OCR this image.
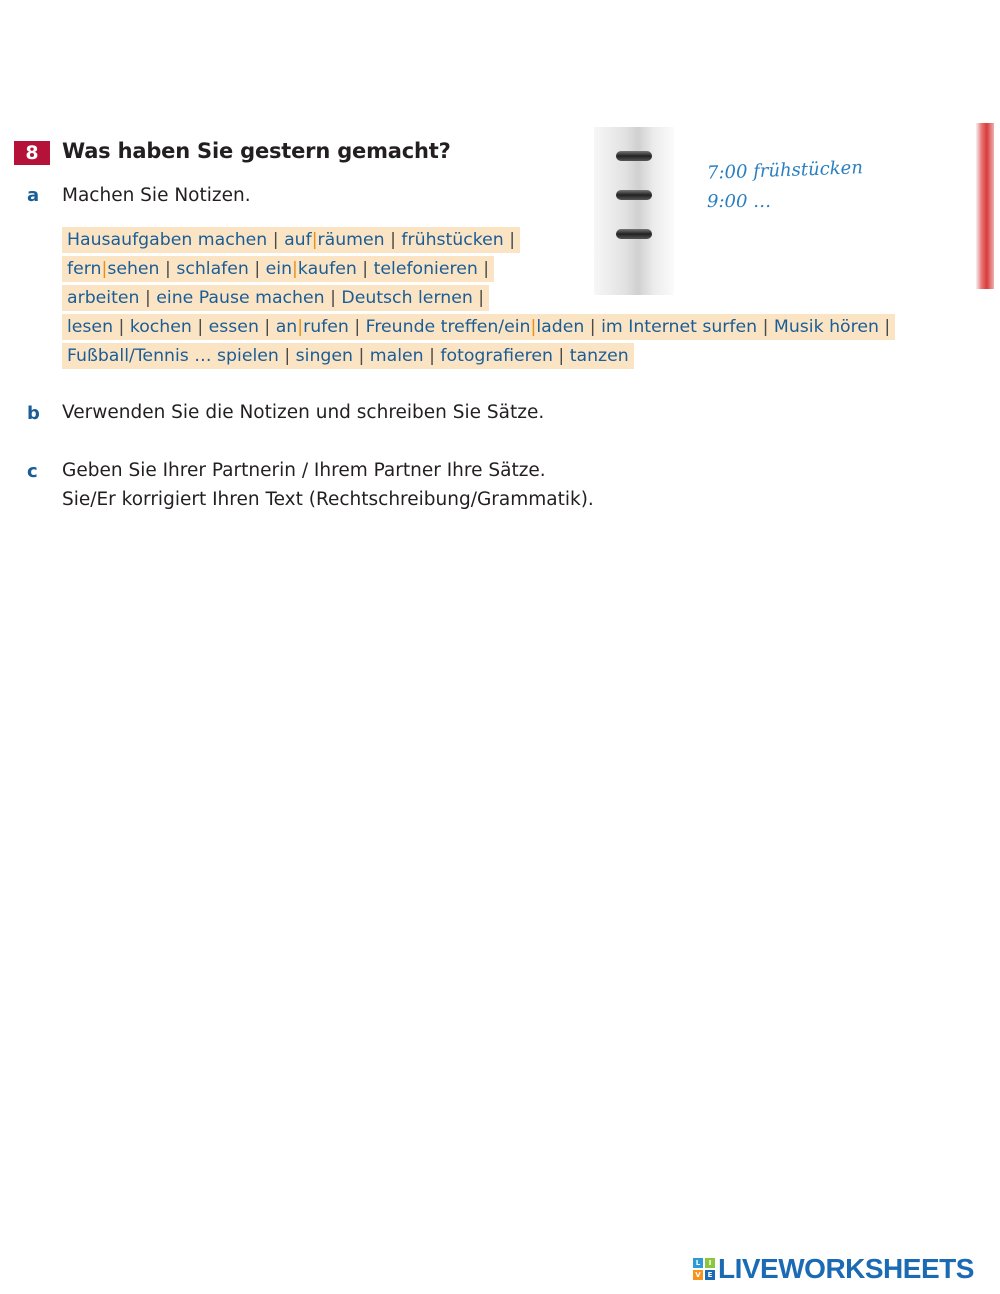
8	Was haben Sie gestern gemacht?
a Machen Sie Notizen.
Hausaufgaben machen | auf|räumen | frühstücken |
fern|sehen | schlafen | ein|kaufen | telefonieren |
arbeiten | eine Pause machen | Deutsch lernen |
lesen | kochen | essen | an|rufen | Freunde treffen/ein|laden | im Internet surfen | Musik hören |
Fußball/Tennis … spielen | singen | malen | fotografieren | tanzen
7:00 frühstücken
9:00 …
b Verwenden Sie die Notizen und schreiben Sie Sätze.
c Geben Sie Ihrer Partnerin / Ihrem Partner Ihre Sätze.
Sie/Er korrigiert Ihren Text (Rechtschreibung/Grammatik).
L	I
V E LIVEWORKSHEETS
